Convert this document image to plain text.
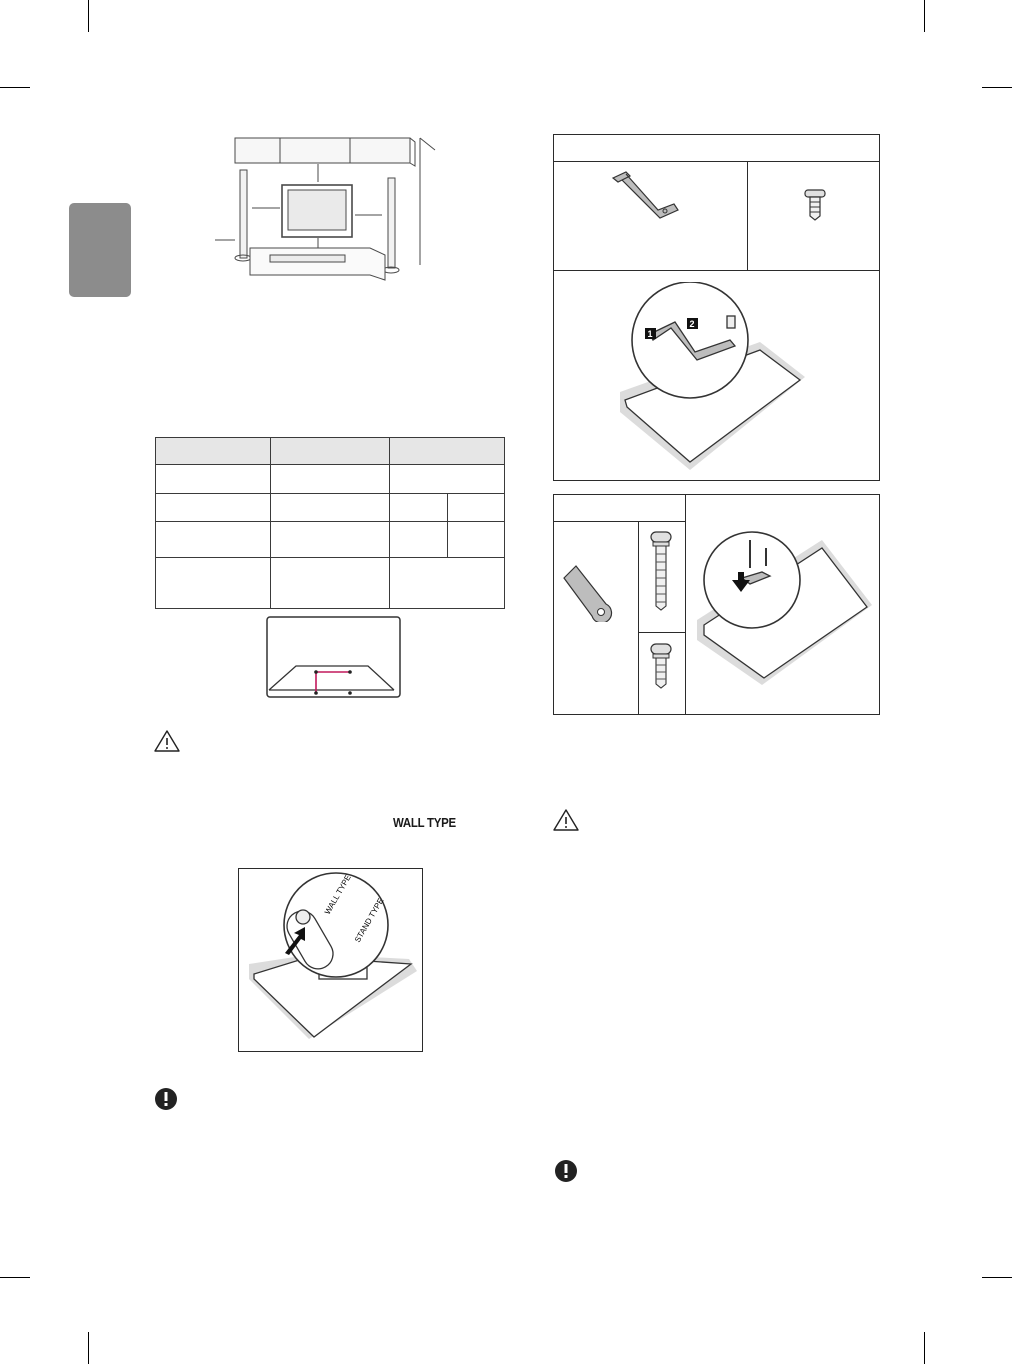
WALL TYPE
WALL TYPE
STAND TYPE
1
2
